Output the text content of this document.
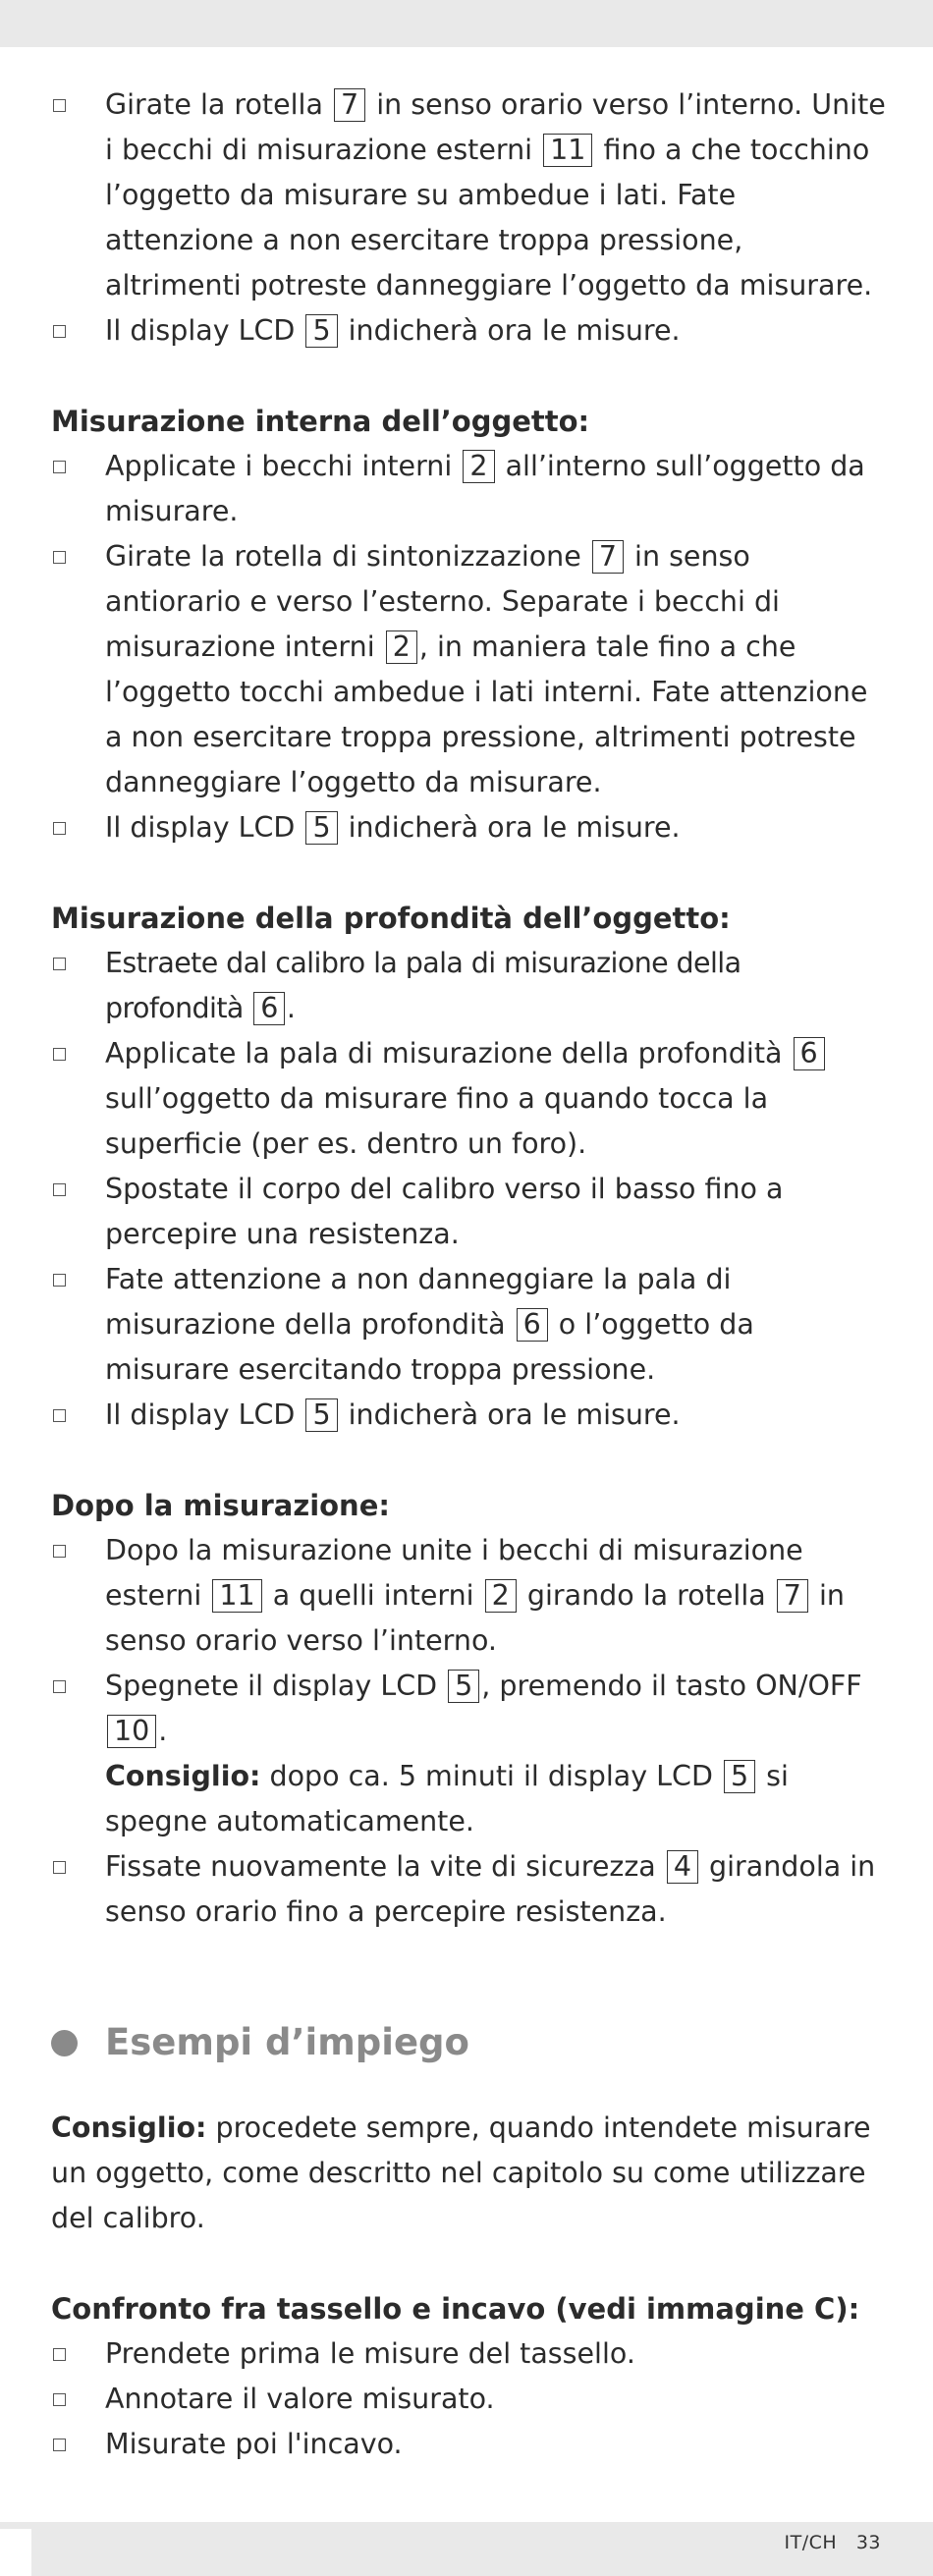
Girate la rotella 7 in senso orario verso l’interno. Unite i becchi di misurazione esterni 11 fino a che tocchino l’oggetto da misurare su ambedue i lati. Fate attenzione a non esercitare troppa pressione, altrimenti potreste danneggiare l’oggetto da misurare.
Il display LCD 5 indicherà ora le misure.
Misurazione interna dell’oggetto:
Applicate i becchi interni 2 all’interno sull’oggetto da misurare.
Girate la rotella di sintonizzazione 7 in senso antiorario e verso l’esterno. Separate i becchi di misurazione interni 2 , in maniera tale fino a che l’oggetto tocchi ambedue i lati interni. Fate attenzione a non esercitare troppa pressione, altrimenti potreste danneggiare l’oggetto da misurare.
Il display LCD 5 indicherà ora le misure.
Misurazione della profondità dell’oggetto:
Estraete dal calibro la pala di misurazione della profondità 6 .
Applicate la pala di misurazione della profondità 6 sull’oggetto da misurare fino a quando tocca la superficie (per es. dentro un foro).
Spostate il corpo del calibro verso il basso fino a percepire una resistenza.
Fate attenzione a non danneggiare la pala di misurazione della profondità 6 o l’oggetto da misurare esercitando troppa pressione.
Il display LCD 5 indicherà ora le misure.
Dopo la misurazione:
Dopo la misurazione unite i becchi di misurazione esterni 11 a quelli interni 2 girando la rotella 7 in senso orario verso l’interno.
Spegnete il display LCD 5 , premendo il tasto ON/OFF 10 .
Consiglio: dopo ca. 5 minuti il display LCD 5 si spegne automaticamente.
Fissate nuovamente la vite di sicurezza 4 girandola in senso orario fino a percepire resistenza.
Esempi d’impiego

Consiglio: procedete sempre, quando intendete misurare un oggetto, come descritto nel capitolo su come utilizzare del calibro.

Confronto fra tassello e incavo (vedi immagine C):
Prendete prima le misure del tassello.
Annotare il valore misurato.
Misurate poi l'incavo.
IT/CH   33
